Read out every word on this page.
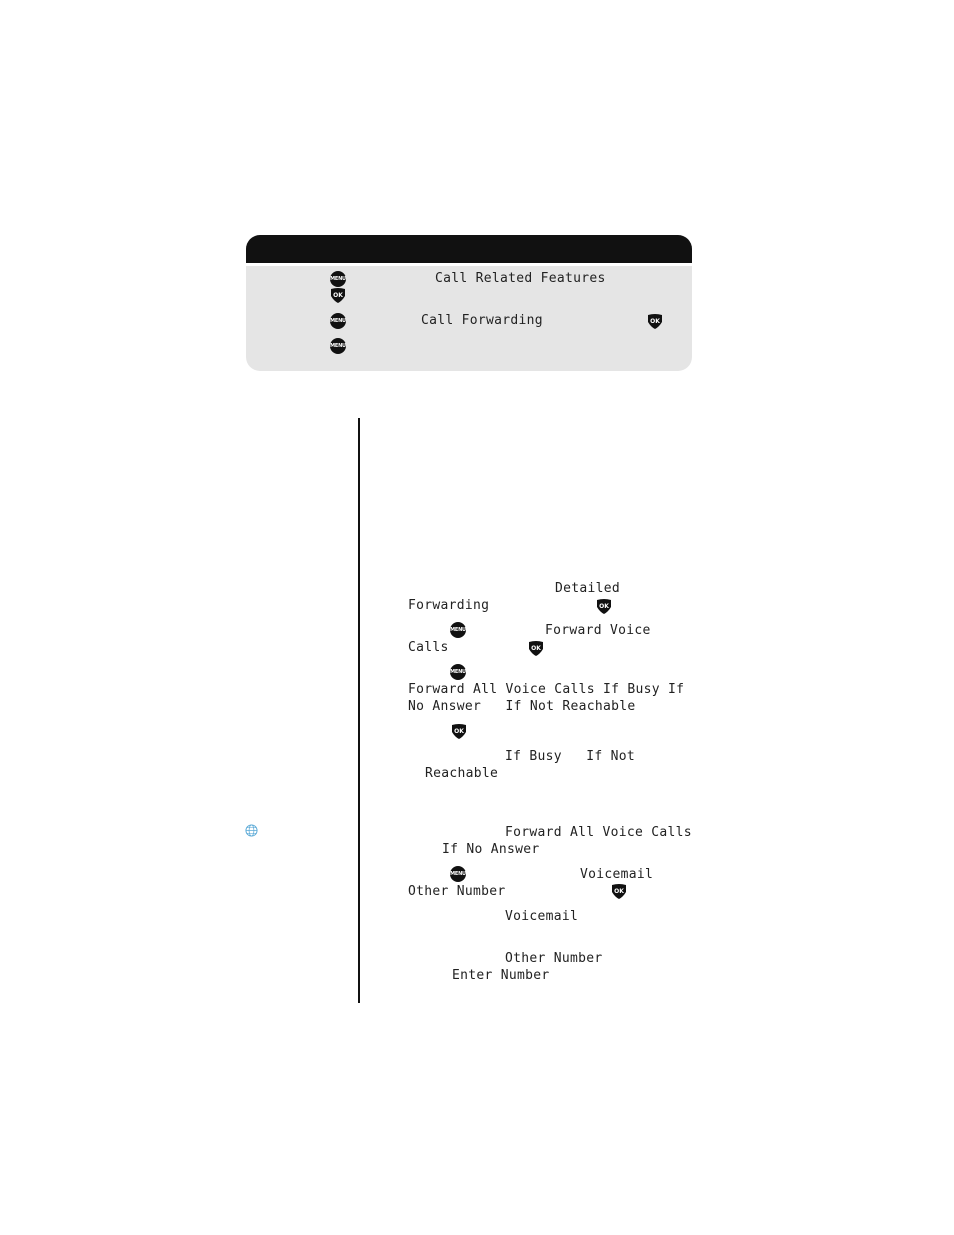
MENU	Call Related Features
OK
MENU	Call Forwarding	OK
MENU
Detailed
Forwarding	OK
MENU	Forward Voice
Calls	OK
MENU
Forward All Voice Calls If Busy If
No Answer   If Not Reachable
OK
If Busy   If Not
Reachable
Forward All Voice Calls
If No Answer
MENU	Voicemail
Other Number	OK
Voicemail
Other Number
Enter Number
